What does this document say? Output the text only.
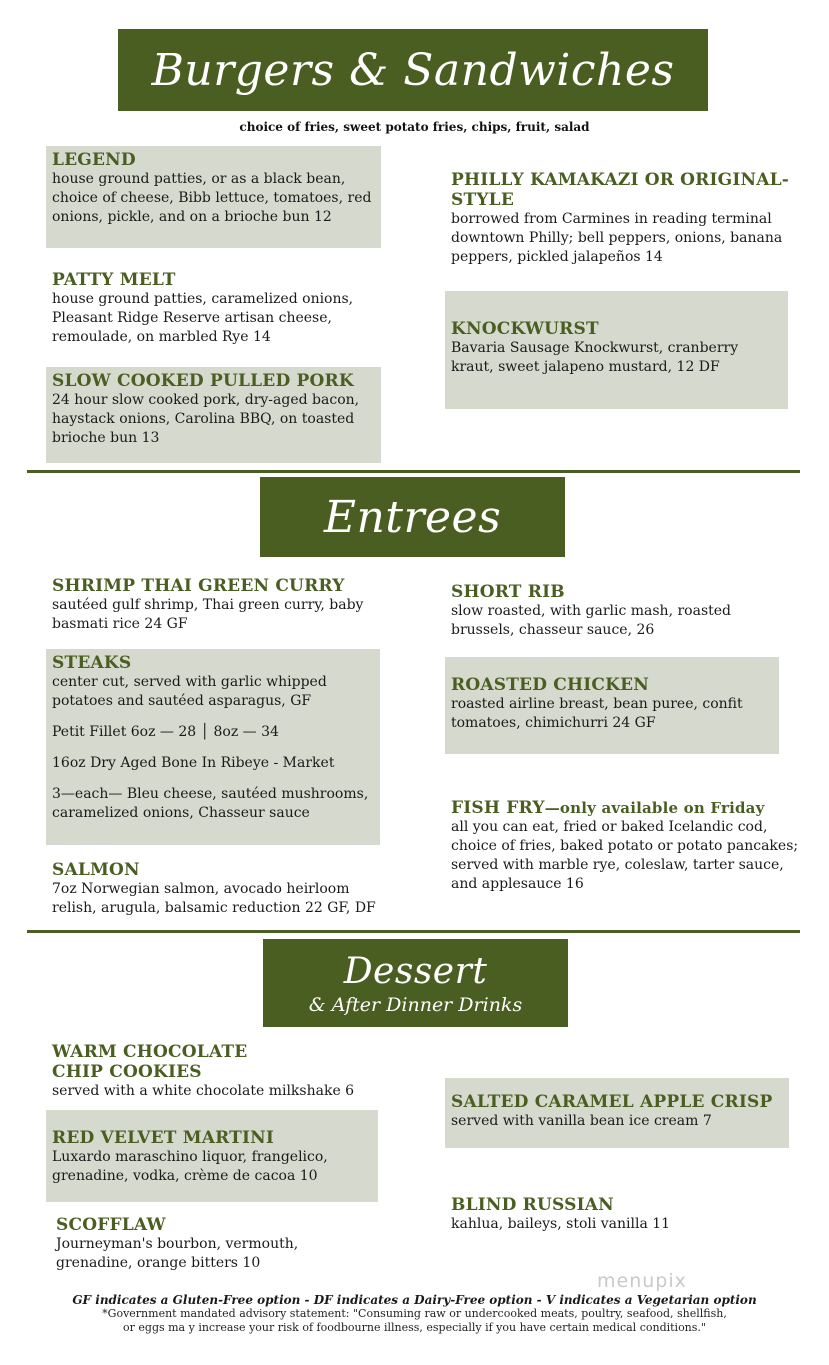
Burgers & Sandwiches
choice of fries, sweet potato fries, chips, fruit, salad
LEGEND
house ground patties, or as a black bean, choice of cheese, Bibb lettuce, tomatoes, red onions, pickle, and on a brioche bun 12
PATTY MELT
house ground patties, caramelized onions, Pleasant Ridge Reserve artisan cheese, remoulade, on marbled Rye 14
SLOW COOKED PULLED PORK
24 hour slow cooked pork, dry-aged bacon, haystack onions, Carolina BBQ, on toasted brioche bun 13
PHILLY KAMAKAZI OR ORIGINAL-STYLE
borrowed from Carmines in reading terminal downtown Philly; bell peppers, onions, banana peppers, pickled jalapeños 14
KNOCKWURST
Bavaria Sausage Knockwurst, cranberry kraut, sweet jalapeno mustard, 12 DF
Entrees
SHRIMP THAI GREEN CURRY
sautéed gulf shrimp, Thai green curry, baby basmati rice 24 GF
STEAKS
center cut, served with garlic whipped potatoes and sautéed asparagus, GF
Petit Fillet 6oz — 28 │ 8oz — 34
16oz Dry Aged Bone In Ribeye - Market
3—each— Bleu cheese, sautéed mushrooms, caramelized onions, Chasseur sauce
SALMON
7oz Norwegian salmon, avocado heirloom relish, arugula, balsamic reduction 22 GF, DF
SHORT RIB
slow roasted, with garlic mash, roasted brussels, chasseur sauce, 26
ROASTED CHICKEN
roasted airline breast, bean puree, confit tomatoes, chimichurri 24 GF
FISH FRY—only available on Friday
all you can eat, fried or baked Icelandic cod, choice of fries, baked potato or potato pancakes; served with marble rye, coleslaw, tarter sauce, and applesauce 16
Dessert
& After Dinner Drinks
WARM CHOCOLATE CHIP COOKIES
served with a white chocolate milkshake 6
RED VELVET MARTINI
Luxardo maraschino liquor, frangelico, grenadine, vodka, crème de cacoa 10
SCOFFLAW
Journeyman's bourbon, vermouth, grenadine, orange bitters 10
SALTED CARAMEL APPLE CRISP
served with vanilla bean ice cream 7
BLIND RUSSIAN
kahlua, baileys, stoli vanilla 11
menupix
GF indicates a Gluten-Free option - DF indicates a Dairy-Free option - V indicates a Vegetarian option
*Government mandated advisory statement: "Consuming raw or undercooked meats, poultry, seafood, shellfish,
or eggs ma y increase your risk of foodbourne illness, especially if you have certain medical conditions."
